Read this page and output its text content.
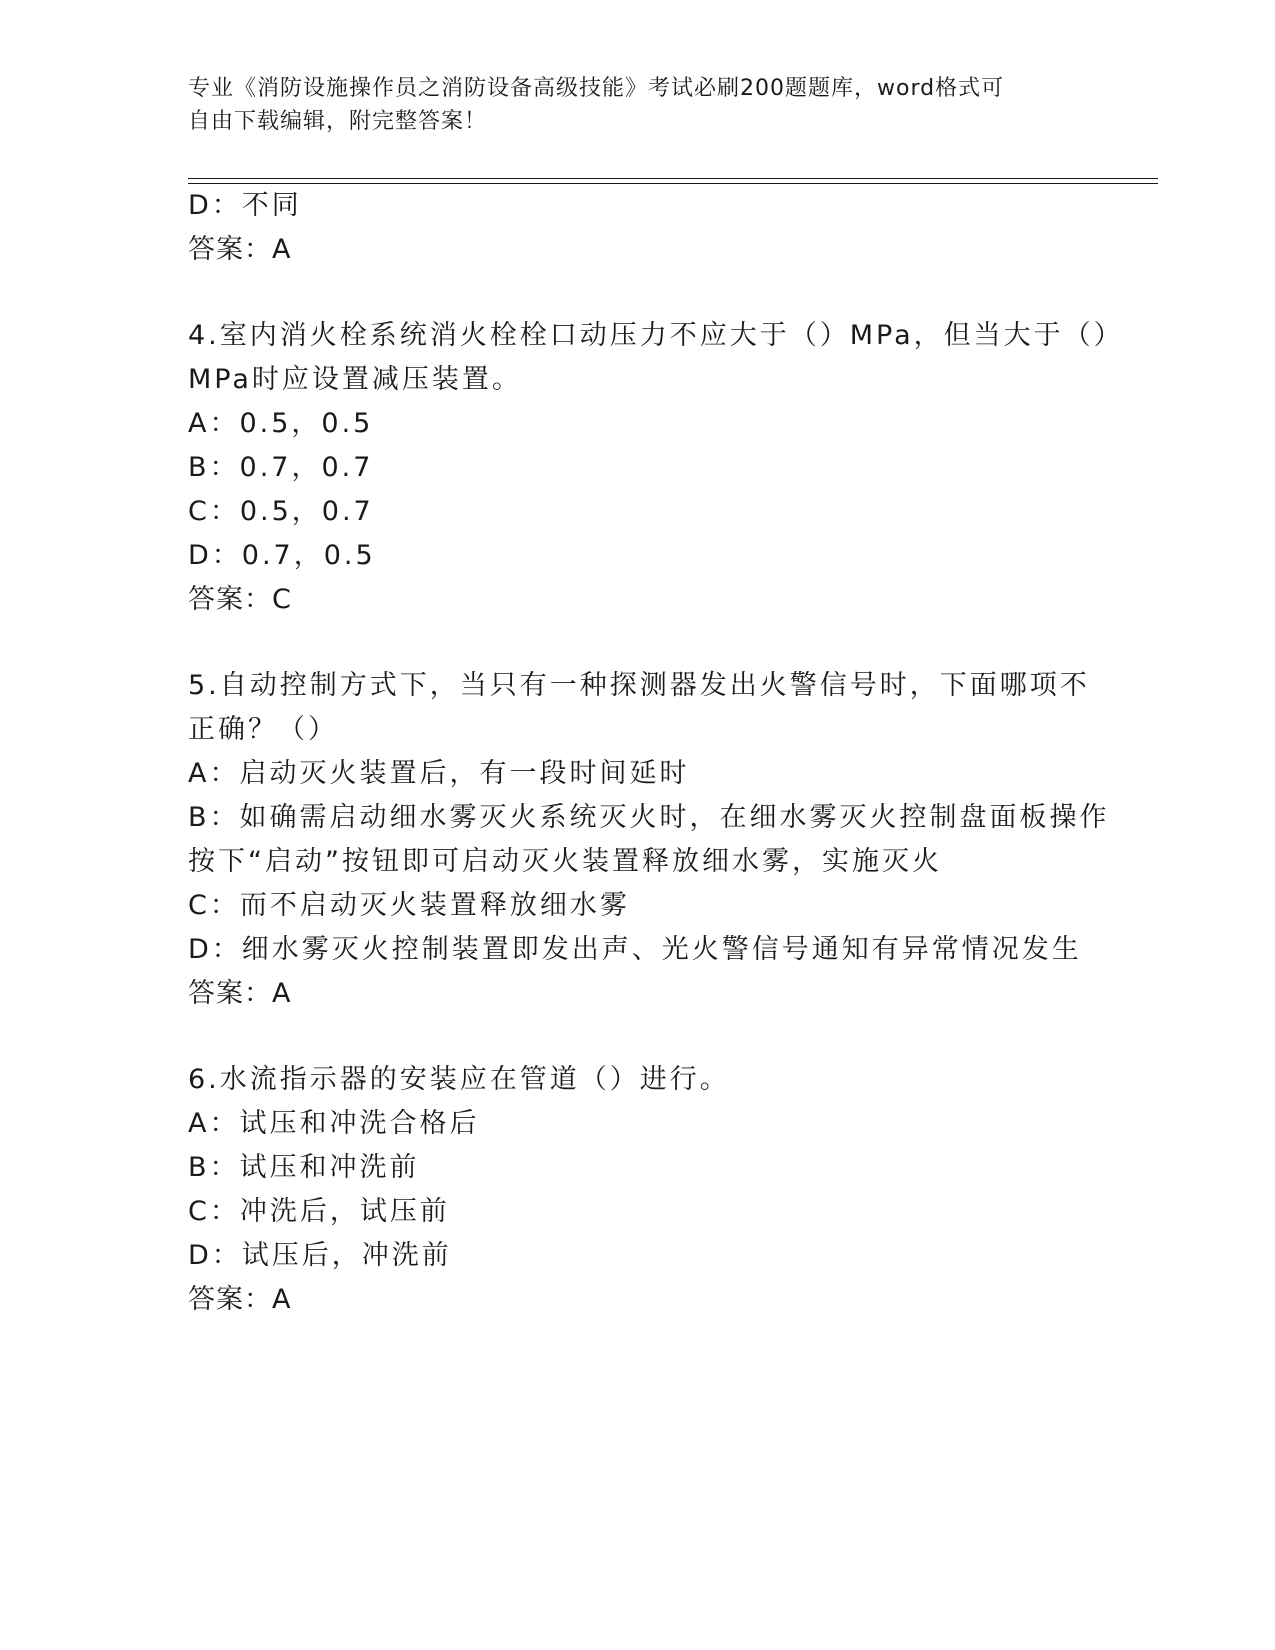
专业《消防设施操作员之消防设备高级技能》考试必刷200题题库，word格式可
自由下载编辑，附完整答案！
D：不同
答案：A
4.室内消火栓系统消火栓栓口动压力不应大于（）MPa，但当大于（）
MPa时应设置减压装置。
A：0.5，0.5
B：0.7，0.7
C：0.5，0.7
D：0.7，0.5
答案：C
5.自动控制方式下，当只有一种探测器发出火警信号时，下面哪项不
正确？（）
A：启动灭火装置后，有一段时间延时
B：如确需启动细水雾灭火系统灭火时，在细水雾灭火控制盘面板操作
按下“启动”按钮即可启动灭火装置释放细水雾，实施灭火
C：而不启动灭火装置释放细水雾
D：细水雾灭火控制装置即发出声、光火警信号通知有异常情况发生
答案：A
6.水流指示器的安装应在管道（）进行。
A：试压和冲洗合格后
B：试压和冲洗前
C：冲洗后，试压前
D：试压后，冲洗前
答案：A
